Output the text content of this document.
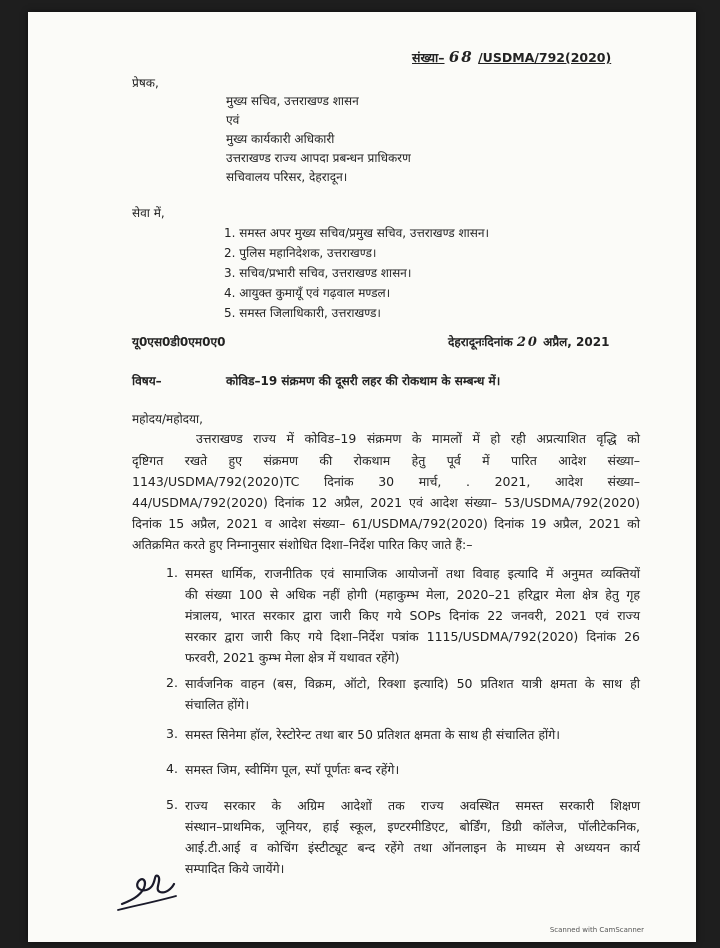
संख्या– 68 /USDMA/792(2020)
प्रेषक,
मुख्य सचिव, उत्तराखण्ड शासन
एवं
मुख्य कार्यकारी अधिकारी
उत्तराखण्ड राज्य आपदा प्रबन्धन प्राधिकरण
सचिवालय परिसर, देहरादून।
सेवा में,
1. समस्त अपर मुख्य सचिव/प्रमुख सचिव, उत्तराखण्ड शासन।
2. पुलिस महानिदेशक, उत्तराखण्ड।
3. सचिव/प्रभारी सचिव, उत्तराखण्ड शासन।
4. आयुक्त कुमायूँ एवं गढ़वाल मण्डल।
5. समस्त जिलाधिकारी, उत्तराखण्ड।
यू0एस0डी0एम0ए0	देहरादूनःदिनांक 20 अप्रैल, 2021
विषय–	कोविड–19 संक्रमण की दूसरी लहर की रोकथाम के सम्बन्ध में।
महोदय/महोदया,
उत्तराखण्ड राज्य में कोविड–19 संक्रमण के मामलों में हो रही अप्रत्याशित वृद्धि को
दृष्टिगत रखते हुए संक्रमण की रोकथाम हेतु पूर्व में पारित आदेश संख्या–
1143/USDMA/792(2020)TC दिनांक 30 मार्च, . 2021, आदेश संख्या–
44/USDMA/792(2020) दिनांक 12 अप्रैल, 2021 एवं आदेश संख्या– 53/USDMA/792(2020)
दिनांक 15 अप्रैल, 2021 व आदेश संख्या– 61/USDMA/792(2020) दिनांक 19 अप्रैल, 2021 को
अतिक्रमित करते हुए निम्नानुसार संशोधित दिशा–निर्देश पारित किए जाते हैं:–
1. समस्त धार्मिक, राजनीतिक एवं सामाजिक आयोजनों तथा विवाह इत्यादि में अनुमत व्यक्तियों
की संख्या 100 से अधिक नहीं होगी (महाकुम्भ मेला, 2020–21 हरिद्वार मेला क्षेत्र हेतु गृह
मंत्रालय, भारत सरकार द्वारा जारी किए गये SOPs दिनांक 22 जनवरी, 2021 एवं राज्य
सरकार द्वारा जारी किए गये दिशा–निर्देश पत्रांक 1115/USDMA/792(2020) दिनांक 26
फरवरी, 2021 कुम्भ मेला क्षेत्र में यथावत रहेंगे)
2. सार्वजनिक वाहन (बस, विक्रम, ऑटो, रिक्शा इत्यादि) 50 प्रतिशत यात्री क्षमता के साथ ही
संचालित होंगे।
3. समस्त सिनेमा हॉल, रेस्टोरेन्ट तथा बार 50 प्रतिशत क्षमता के साथ ही संचालित होंगे।
4. समस्त जिम, स्वीमिंग पूल, स्पॉ पूर्णतः बन्द रहेंगे।
5. राज्य सरकार के अग्रिम आदेशों तक राज्य अवस्थित समस्त सरकारी शिक्षण
संस्थान–प्राथमिक, जूनियर, हाई स्कूल, इण्टरमीडिएट, बोर्डिंग, डिग्री कॉलेज, पॉलीटेकनिक,
आई.टी.आई व कोचिंग इंस्टीट्यूट बन्द रहेंगे तथा ऑनलाइन के माध्यम से अध्ययन कार्य
सम्पादित किये जायेंगे।
Scanned with CamScanner
